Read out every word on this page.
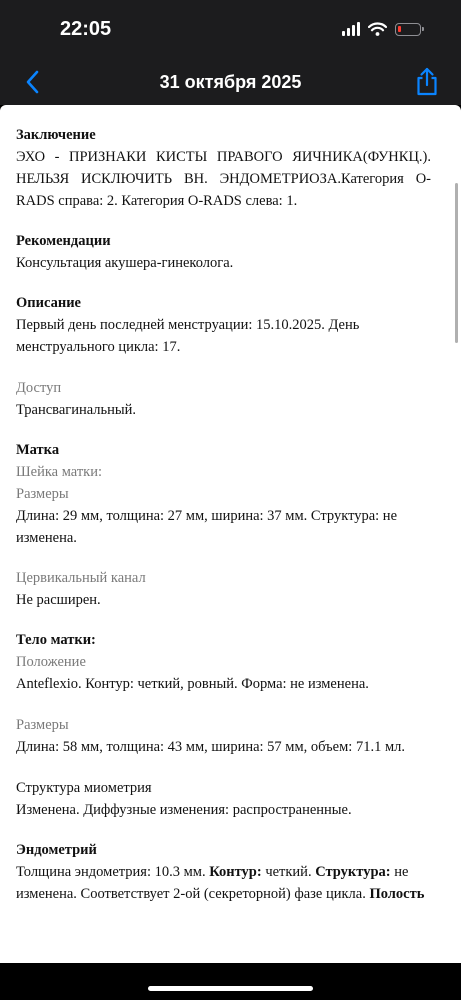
22:05
31 октября 2025

Заключение

ЭХО - ПРИЗНАКИ КИСТЫ ПРАВОГО ЯИЧНИКА(ФУНКЦ.). НЕЛЬЗЯ ИСКЛЮЧИТЬ ВН. ЭНДОМЕТРИОЗА.Категория O-RADS справа: 2. Категория O-RADS слева: 1.

Рекомендации

Консультация акушера-гинеколога.

Описание

Первый день последней менструации: 15.10.2025. День менструального цикла: 17.

Доступ

Трансвагинальный.

Матка

Шейка матки:

Размеры

Длина: 29 мм, толщина: 27 мм, ширина: 37 мм. Структура: не изменена.

Цервикальный канал

Не расширен.

Тело матки:

Положение

Anteflexio. Контур: четкий, ровный. Форма: не изменена.

Размеры

Длина: 58 мм, толщина: 43 мм, ширина: 57 мм, объем: 71.1 мл.

Структура миометрия

Изменена. Диффузные изменения: распространенные.

Эндометрий

Толщина эндометрия: 10.3 мм. Контур: четкий. Структура: не изменена. Соответствует 2-ой (секреторной) фазе цикла. Полость
